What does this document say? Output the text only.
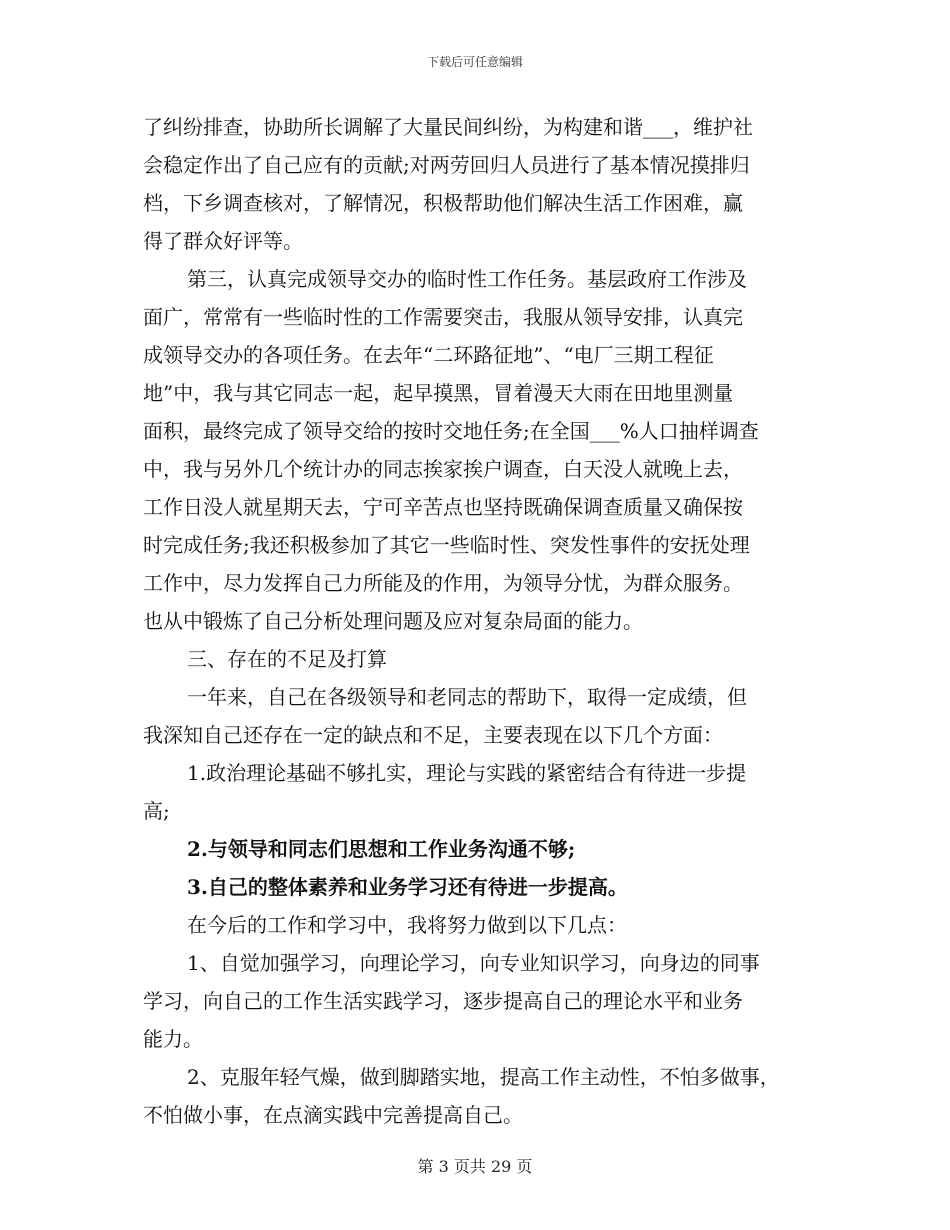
下载后可任意编辑
了纠纷排查，协助所长调解了大量民间纠纷，为构建和谐___，维护社
会稳定作出了自己应有的贡献;对两劳回归人员进行了基本情况摸排归
档，下乡调查核对，了解情况，积极帮助他们解决生活工作困难，赢
得了群众好评等。
第三，认真完成领导交办的临时性工作任务。基层政府工作涉及
面广，常常有一些临时性的工作需要突击，我服从领导安排，认真完
成领导交办的各项任务。在去年“二环路征地”、“电厂三期工程征
地”中，我与其它同志一起，起早摸黑，冒着漫天大雨在田地里测量
面积，最终完成了领导交给的按时交地任务;在全国___%人口抽样调查
中，我与另外几个统计办的同志挨家挨户调查，白天没人就晚上去，
工作日没人就星期天去，宁可辛苦点也坚持既确保调查质量又确保按
时完成任务;我还积极参加了其它一些临时性、突发性事件的安抚处理
工作中，尽力发挥自己力所能及的作用，为领导分忧，为群众服务。
也从中锻炼了自己分析处理问题及应对复杂局面的能力。
三、存在的不足及打算
一年来，自己在各级领导和老同志的帮助下，取得一定成绩，但
我深知自己还存在一定的缺点和不足，主要表现在以下几个方面：
1.政治理论基础不够扎实，理论与实践的紧密结合有待进一步提
高;
2.与领导和同志们思想和工作业务沟通不够;
3.自己的整体素养和业务学习还有待进一步提高。
在今后的工作和学习中，我将努力做到以下几点：
1、自觉加强学习，向理论学习，向专业知识学习，向身边的同事
学习，向自己的工作生活实践学习，逐步提高自己的理论水平和业务
能力。
2、克服年轻气燥，做到脚踏实地，提高工作主动性，不怕多做事，
不怕做小事，在点滴实践中完善提高自己。
第 3 页共 29 页
